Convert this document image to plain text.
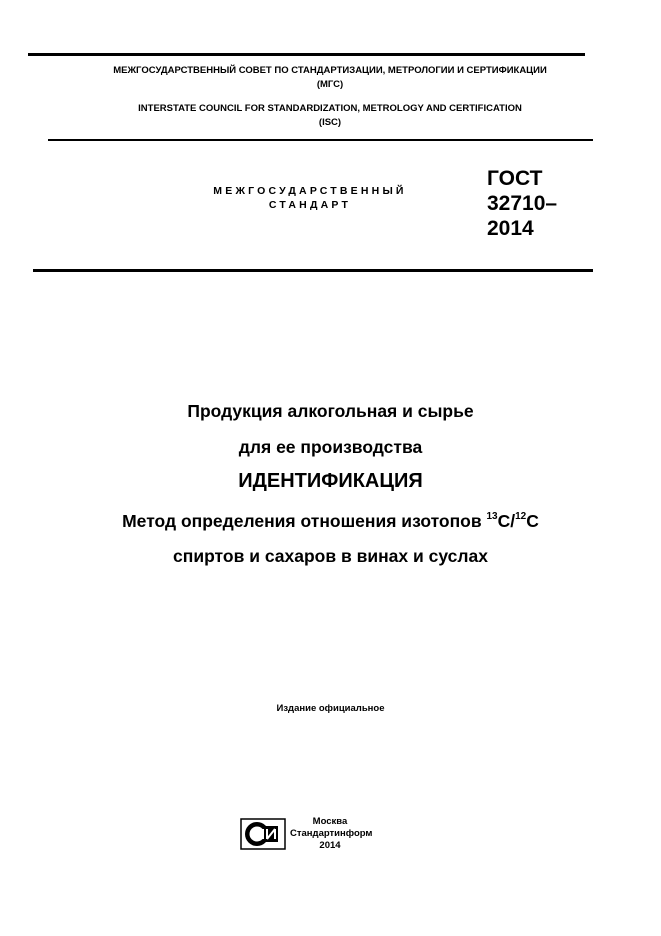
МЕЖГОСУДАРСТВЕННЫЙ СОВЕТ ПО СТАНДАРТИЗАЦИИ, МЕТРОЛОГИИ И СЕРТИФИКАЦИИ
(МГС)
INTERSTATE COUNCIL FOR STANDARDIZATION, METROLOGY AND CERTIFICATION
(ISC)
МЕЖГОСУДАРСТВЕННЫЙ
СТАНДАРТ
ГОСТ
32710–
2014
Продукция алкогольная и сырье
для ее производства
ИДЕНТИФИКАЦИЯ
Метод определения отношения изотопов $^{13}$С/$^{12}$С
спиртов и сахаров в винах и суслах
Издание официальное
Москва
Стандартинформ
2014
